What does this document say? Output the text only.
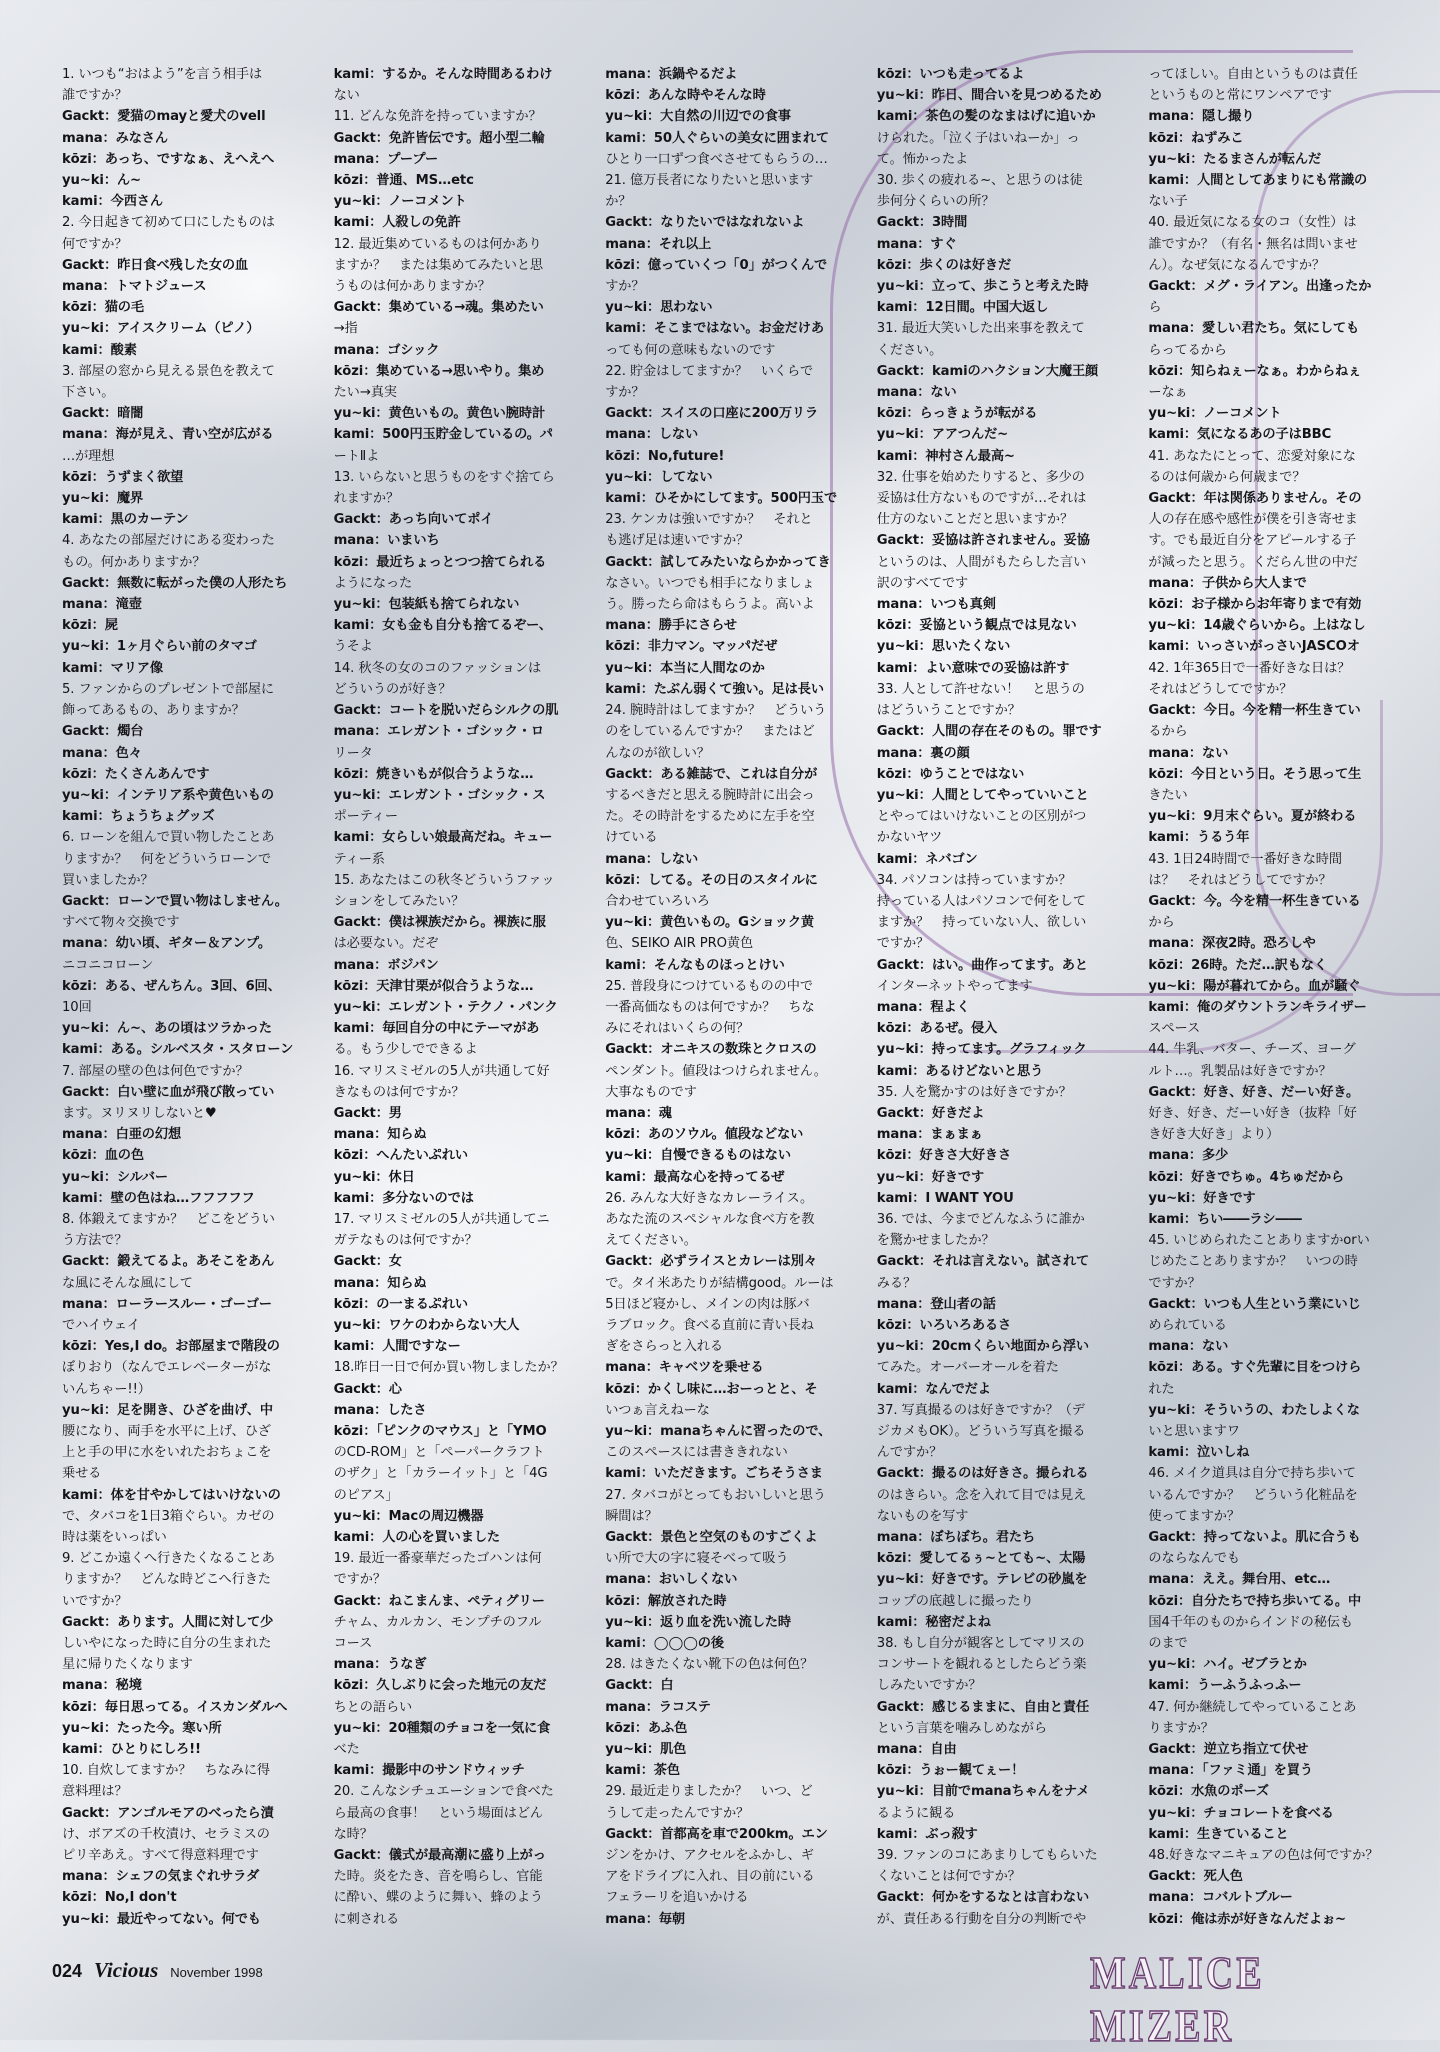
1. いつも“おはよう”を言う相手は
誰ですか？
Gackt：愛猫のmayと愛犬のvell
mana：みなさん
kōzi：あっち、ですなぁ、えへえへ
yu~ki：ん~
kami：今西さん
2. 今日起きて初めて口にしたものは
何ですか？
Gackt：昨日食べ残した女の血
mana：トマトジュース
kōzi：猫の毛
yu~ki：アイスクリーム（ピノ）
kami：酸素
3. 部屋の窓から見える景色を教えて
下さい。
Gackt：暗闇
mana：海が見え、青い空が広がる
…が理想
kōzi：うずまく欲望
yu~ki：魔界
kami：黒のカーテン
4. あなたの部屋だけにある変わった
もの。何かありますか？
Gackt：無数に転がった僕の人形たち
mana：滝壺
kōzi：屍
yu~ki：1ヶ月ぐらい前のタマゴ
kami：マリア像
5. ファンからのプレゼントで部屋に
飾ってあるもの、ありますか？
Gackt：燭台
mana：色々
kōzi：たくさんあんです
yu~ki：インテリア系や黄色いもの
kami：ちょうちょグッズ
6. ローンを組んで買い物したことあ
りますか？　何をどういうローンで
買いましたか？
Gackt：ローンで買い物はしません。
すべて物々交換です
mana：幼い頃、ギター＆アンプ。
ニコニコローン
kōzi：ある、ぜんちん。3回、6回、
10回
yu~ki：ん~、あの頃はツラかった
kami：ある。シルベスタ・スタローン
7. 部屋の壁の色は何色ですか？
Gackt：白い壁に血が飛び散ってい
ます。ヌリヌリしないと♥
mana：白亜の幻想
kōzi：血の色
yu~ki：シルバー
kami：壁の色はね…フフフフフ
8. 体鍛えてますか？　どこをどうい
う方法で？
Gackt：鍛えてるよ。あそこをあん
な風にそんな風にして
mana：ローラースルー・ゴーゴー
でハイウェイ
kōzi：Yes,I do。お部屋まで階段の
ぼりおり（なんでエレベーターがな
いんちゃー!!）
yu~ki：足を開き、ひざを曲げ、中
腰になり、両手を水平に上げ、ひざ
上と手の甲に水をいれたおちょこを
乗せる
kami：体を甘やかしてはいけないの
で、タバコを1日3箱ぐらい。カゼの
時は薬をいっぱい
9. どこか遠くへ行きたくなることあ
りますか？　どんな時どこへ行きた
いですか？
Gackt：あります。人間に対して少
しいやになった時に自分の生まれた
星に帰りたくなります
mana：秘境
kōzi：毎日思ってる。イスカンダルへ
yu~ki：たった今。寒い所
kami：ひとりにしろ!!
10. 自炊してますか？　ちなみに得
意料理は？
Gackt：アンゴルモアのべったら漬
け、ボアズの千枚漬け、セラミスの
ピリ辛あえ。すべて得意料理です
mana：シェフの気まぐれサラダ
kōzi：No,I don't
yu~ki：最近やってない。何でも
kami：するか。そんな時間あるわけ
ない
11. どんな免許を持っていますか？
Gackt：免許皆伝です。超小型二輪
mana：プープー
kōzi：普通、MS…etc
yu~ki：ノーコメント
kami：人殺しの免許
12. 最近集めているものは何かあり
ますか？　または集めてみたいと思
うものは何かありますか？
Gackt：集めている→魂。集めたい
→指
mana：ゴシック
kōzi：集めている→思いやり。集め
たい→真実
yu~ki：黄色いもの。黄色い腕時計
kami：500円玉貯金しているの。パ
ートⅡよ
13. いらないと思うものをすぐ捨てら
れますか？
Gackt：あっち向いてポイ
mana：いまいち
kōzi：最近ちょっとつつ捨てられる
ようになった
yu~ki：包装紙も捨てられない
kami：女も金も自分も捨てるぞー、
うそよ
14. 秋冬の女のコのファッションは
どういうのが好き？
Gackt：コートを脱いだらシルクの肌
mana：エレガント・ゴシック・ロ
リータ
kōzi：焼きいもが似合うような…
yu~ki：エレガント・ゴシック・ス
ポーティー
kami：女らしい娘最高だね。キュー
ティー系
15. あなたはこの秋冬どういうファッ
ションをしてみたい？
Gackt：僕は裸族だから。裸族に服
は必要ない。だぞ
mana：ボジパン
kōzi：天津甘栗が似合うような…
yu~ki：エレガント・テクノ・パンク
kami：毎回自分の中にテーマがあ
る。もう少しでできるよ
16. マリスミゼルの5人が共通して好
きなものは何ですか？
Gackt：男
mana：知らぬ
kōzi：へんたいぷれい
yu~ki：休日
kami：多分ないのでは
17. マリスミゼルの5人が共通してニ
ガテなものは何ですか？
Gackt：女
mana：知らぬ
kōzi：の一まるぷれい
yu~ki：ワケのわからない大人
kami：人間ですなー
18.昨日一日で何か買い物しましたか？
Gackt：心
mana：したさ
kōzi：「ピンクのマウス」と「YMO
のCD-ROM」と「ペーパークラフト
のザク」と「カラーイット」と「4G
のピアス」
yu~ki：Macの周辺機器
kami：人の心を買いました
19. 最近一番豪華だったゴハンは何
ですか？
Gackt：ねこまんま、ペティグリー
チャム、カルカン、モンプチのフル
コース
mana：うなぎ
kōzi：久しぶりに会った地元の友だ
ちとの語らい
yu~ki：20種類のチョコを一気に食
べた
kami：撮影中のサンドウィッチ
20. こんなシチュエーションで食べた
ら最高の食事！　という場面はどん
な時？
Gackt：儀式が最高潮に盛り上がっ
た時。炎をたき、音を鳴らし、官能
に酔い、蝶のように舞い、蜂のよう
に刺される
mana：浜鍋やるだよ
kōzi：あんな時やそんな時
yu~ki：大自然の川辺での食事
kami：50人ぐらいの美女に囲まれて
ひとり一口ずつ食べさせてもらうの…
21. 億万長者になりたいと思います
か？
Gackt：なりたいではなれないよ
mana：それ以上
kōzi：億っていくつ「0」がつくんで
すか？
yu~ki：思わない
kami：そこまではない。お金だけあ
っても何の意味もないのです
22. 貯金はしてますか？　いくらで
すか？
Gackt：スイスの口座に200万リラ
mana：しない
kōzi：No,future!
yu~ki：してない
kami：ひそかにしてます。500円玉で
23. ケンカは強いですか？　それと
も逃げ足は速いですか？
Gackt：試してみたいならかかってき
なさい。いつでも相手になりましょ
う。勝ったら命はもらうよ。高いよ
mana：勝手にさらせ
kōzi：非力マン。マッパだぜ
yu~ki：本当に人間なのか
kami：たぶん弱くて強い。足は長い
24. 腕時計はしてますか？　どういう
のをしているんですか？　またはど
んなのが欲しい？
Gackt：ある雑誌で、これは自分が
するべきだと思える腕時計に出会っ
た。その時計をするために左手を空
けている
mana：しない
kōzi：してる。その日のスタイルに
合わせていろいろ
yu~ki：黄色いもの。Gショック黄
色、SEIKO AIR PRO黄色
kami：そんなものほっとけい
25. 普段身につけているものの中で
一番高価なものは何ですか？　ちな
みにそれはいくらの何？
Gackt：オニキスの数珠とクロスの
ペンダント。値段はつけられません。
大事なものです
mana：魂
kōzi：あのソウル。値段などない
yu~ki：自慢できるものはない
kami：最高な心を持ってるぜ
26. みんな大好きなカレーライス。
あなた流のスペシャルな食べ方を教
えてください。
Gackt：必ずライスとカレーは別々
で。タイ米あたりが結構good。ルーは
5日ほど寝かし、メインの肉は豚バ
ラブロック。食べる直前に青い長ね
ぎをさらっと入れる
mana：キャベツを乗せる
kōzi：かくし味に…おーっとと、そ
いつぁ言えねーな
yu~ki：manaちゃんに習ったので、
このスペースには書ききれない
kami：いただきます。ごちそうさま
27. タバコがとってもおいしいと思う
瞬間は？
Gackt：景色と空気のものすごくよ
い所で大の字に寝そべって吸う
mana：おいしくない
kōzi：解放された時
yu~ki：返り血を洗い流した時
kami：◯◯◯の後
28. はきたくない靴下の色は何色？
Gackt：白
mana：ラコステ
kōzi：あふ色
yu~ki：肌色
kami：茶色
29. 最近走りましたか？　いつ、ど
うして走ったんですか？
Gackt：首都高を車で200km。エン
ジンをかけ、アクセルをふかし、ギ
アをドライブに入れ、目の前にいる
フェラーリを追いかける
mana：毎朝
kōzi：いつも走ってるよ
yu~ki：昨日、間合いを見つめるため
kami：茶色の髪のなまはげに追いか
けられた。「泣く子はいねーか」っ
て。怖かったよ
30. 歩くの疲れる~、と思うのは徒
歩何分くらいの所？
Gackt：3時間
mana：すぐ
kōzi：歩くのは好きだ
yu~ki：立って、歩こうと考えた時
kami：12日間。中国大返し
31. 最近大笑いした出来事を教えて
ください。
Gackt：kamiのハクション大魔王顔
mana：ない
kōzi：らっきょうが転がる
yu~ki：アアつんだ~
kami：神村さん最高~
32. 仕事を始めたりすると、多少の
妥協は仕方ないものですが…それは
仕方のないことだと思いますか？
Gackt：妥協は許されません。妥協
というのは、人間がもたらした言い
訳のすべてです
mana：いつも真剣
kōzi：妥協という観点では見ない
yu~ki：思いたくない
kami：よい意味での妥協は許す
33. 人として許せない！　と思うの
はどういうことですか？
Gackt：人間の存在そのもの。罪です
mana：裏の顔
kōzi：ゆうことではない
yu~ki：人間としてやっていいこと
とやってはいけないことの区別がつ
かないヤツ
kami：ネバゴン
34. パソコンは持っていますか？
持っている人はパソコンで何をして
ますか？　持っていない人、欲しい
ですか？
Gackt：はい。曲作ってます。あと
インターネットやってます
mana：程よく
kōzi：あるぜ。侵入
yu~ki：持ってます。グラフィック
kami：あるけどないと思う
35. 人を驚かすのは好きですか？
Gackt：好きだよ
mana：まぁまぁ
kōzi：好きさ大好きさ
yu~ki：好きです
kami：I WANT YOU
36. では、今までどんなふうに誰か
を驚かせましたか？
Gackt：それは言えない。試されて
みる？
mana：登山者の話
kōzi：いろいろあるさ
yu~ki：20cmくらい地面から浮い
てみた。オーバーオールを着た
kami：なんでだよ
37. 写真撮るのは好きですか？（デ
ジカメもOK）。どういう写真を撮る
んですか？
Gackt：撮るのは好きさ。撮られる
のはきらい。念を入れて目では見え
ないものを写す
mana：ぼちぼち。君たち
kōzi：愛してるぅ~とても~、太陽
yu~ki：好きです。テレビの砂嵐を
コップの底越しに撮ったり
kami：秘密だよね
38. もし自分が観客としてマリスの
コンサートを観れるとしたらどう楽
しみたいですか？
Gackt：感じるままに、自由と責任
という言葉を噛みしめながら
mana：自由
kōzi：うぉー観てぇー！
yu~ki：目前でmanaちゃんをナメ
るように観る
kami：ぶっ殺す
39. ファンのコにあまりしてもらいた
くないことは何ですか？
Gackt：何かをするなとは言わない
が、責任ある行動を自分の判断でや
ってほしい。自由というものは責任
というものと常にワンペアです
mana：隠し撮り
kōzi：ねずみこ
yu~ki：たるまさんが転んだ
kami：人間としてあまりにも常識の
ない子
40. 最近気になる女のコ（女性）は
誰ですか？（有名・無名は問いませ
ん）。なぜ気になるんですか？
Gackt：メグ・ライアン。出逢ったか
ら
mana：愛しい君たち。気にしても
らってるから
kōzi：知らねぇーなぁ。わからねぇ
ーなぁ
yu~ki：ノーコメント
kami：気になるあの子はBBC
41. あなたにとって、恋愛対象にな
るのは何歳から何歳まで？
Gackt：年は関係ありません。その
人の存在感や感性が僕を引き寄せま
す。でも最近自分をアピールする子
が減ったと思う。くだらん世の中だ
mana：子供から大人まで
kōzi：お子様からお年寄りまで有効
yu~ki：14歳ぐらいから。上はなし
kami：いっさいがっさいJASCOオ
42. 1年365日で一番好きな日は？
それはどうしてですか？
Gackt：今日。今を精一杯生きてい
るから
mana：ない
kōzi：今日という日。そう思って生
きたい
yu~ki：9月末ぐらい。夏が終わる
kami：うるう年
43. 1日24時間で一番好きな時間
は？　それはどうしてですか？
Gackt：今。今を精一杯生きている
から
mana：深夜2時。恐ろしや
kōzi：26時。ただ…訳もなく
yu~ki：陽が暮れてから。血が騒ぐ
kami：俺のダウントランキライザー
スペース
44. 牛乳、バター、チーズ、ヨーグ
ルト…。乳製品は好きですか？
Gackt：好き、好き、だーい好き。
好き、好き、だーい好き（抜粋「好
き好き大好き」より）
mana：多少
kōzi：好きでちゅ。4ちゅだから
yu~ki：好きです
kami：ちい――ラシ――
45. いじめられたことありますかorい
じめたことありますか？　いつの時
ですか？
Gackt：いつも人生という業にいじ
められている
mana：ない
kōzi：ある。すぐ先輩に目をつけら
れた
yu~ki：そういうの、わたしよくな
いと思いますワ
kami：泣いしね
46. メイク道具は自分で持ち歩いて
いるんですか？　どういう化粧品を
使ってますか？
Gackt：持ってないよ。肌に合うも
のならなんでも
mana：ええ。舞台用、etc…
kōzi：自分たちで持ち歩いてる。中
国4千年のものからインドの秘伝も
のまで
yu~ki：ハイ。ゼブラとか
kami：うーふうふっふー
47. 何か継続してやっていることあ
りますか？
Gackt：逆立ち指立て伏せ
mana：「ファミ通」を買う
kōzi：水魚のポーズ
yu~ki：チョコレートを食べる
kami：生きていること
48.好きなマニキュアの色は何ですか？
Gackt：死人色
mana：コバルトブルー
kōzi：俺は赤が好きなんだよぉ~
024 Vicious November 1998	MALICE MIZER
